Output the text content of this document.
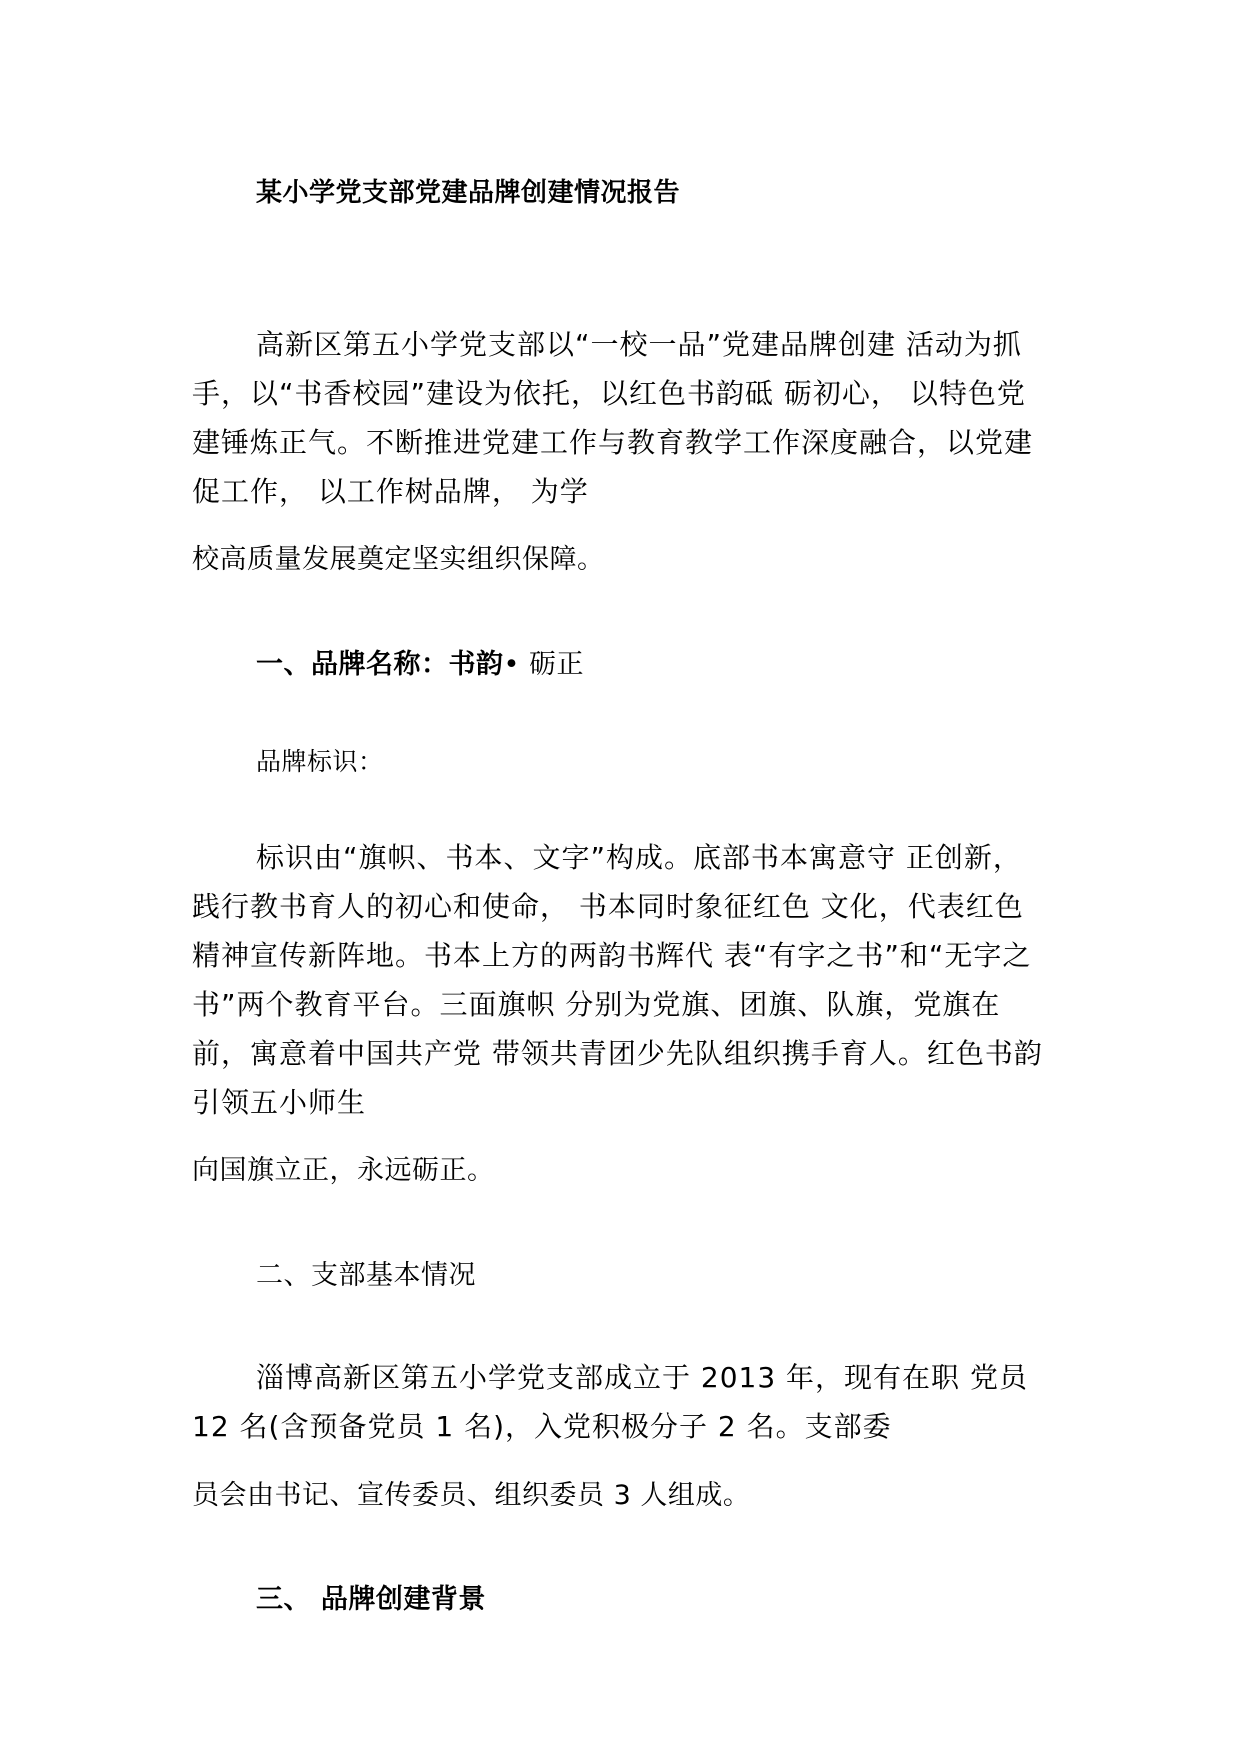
某小学党支部党建品牌创建情况报告
高新区第五小学党支部以“一校一品”党建品牌创建 活动为抓手，以“书香校园”建设为依托，以红色书韵砥 砺初心， 以特色党建锤炼正气。不断推进党建工作与教育教学工作深度融合，以党建促工作， 以工作树品牌， 为学
校高质量发展奠定坚实组织保障。
一、品牌名称：书韵• 砺正
品牌标识：
标识由“旗帜、书本、文字”构成。底部书本寓意守 正创新， 践行教书育人的初心和使命， 书本同时象征红色 文化，代表红色精神宣传新阵地。书本上方的两韵书辉代 表“有字之书”和“无字之书”两个教育平台。三面旗帜 分别为党旗、团旗、队旗，党旗在前，寓意着中国共产党 带领共青团少先队组织携手育人。红色书韵引领五小师生
向国旗立正，永远砺正。
二、支部基本情况
淄博高新区第五小学党支部成立于 2013 年，现有在职 党员 12 名(含预备党员 1 名)，入党积极分子 2 名。支部委
员会由书记、宣传委员、组织委员 3 人组成。
三、 品牌创建背景
